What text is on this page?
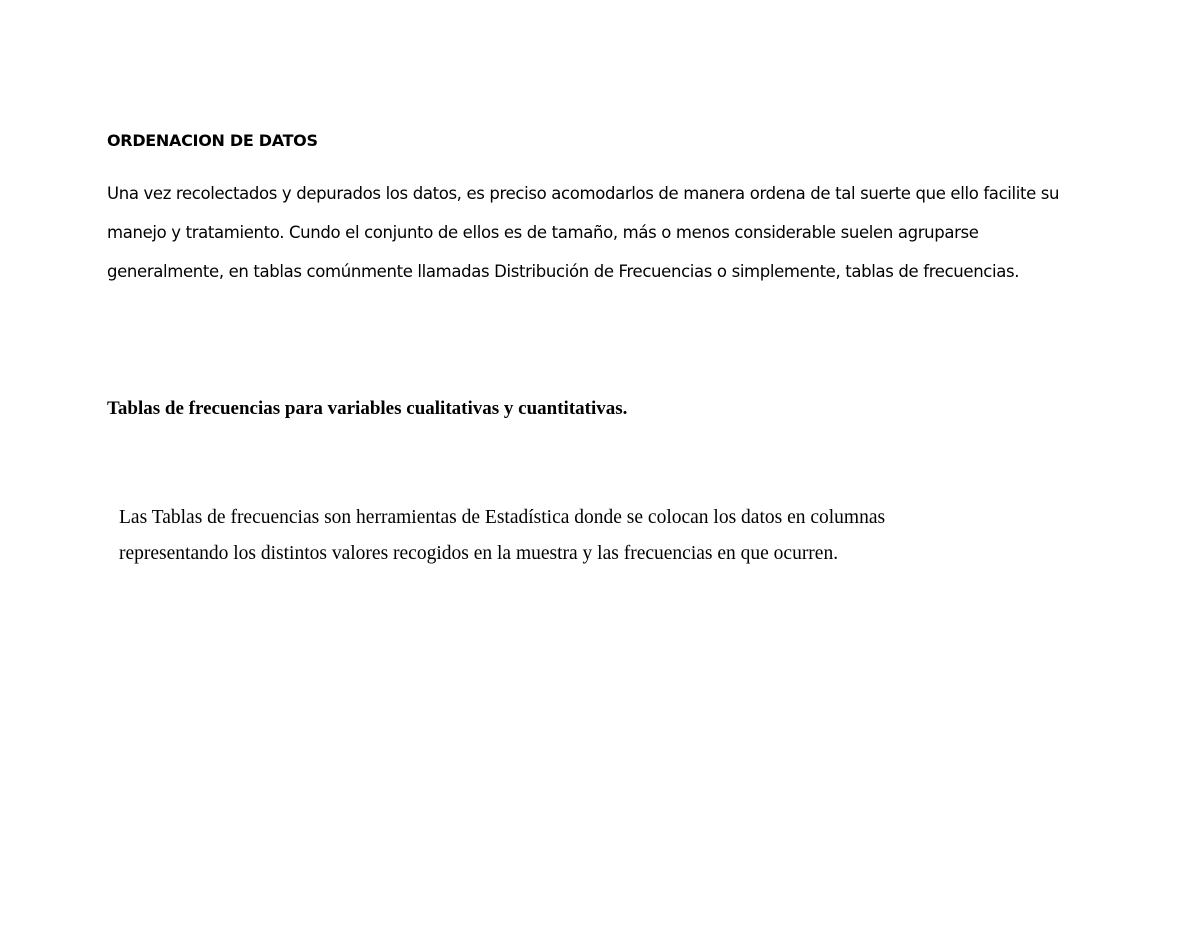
ORDENACION DE DATOS

Una vez recolectados y depurados los datos, es preciso acomodarlos de manera ordena de tal suerte que ello facilite su manejo y tratamiento. Cundo el conjunto de ellos es de tamaño, más o menos considerable suelen agruparse generalmente, en tablas comúnmente llamadas Distribución de Frecuencias o simplemente, tablas de frecuencias.

Tablas de frecuencias para variables cualitativas y cuantitativas.

Las Tablas de frecuencias son herramientas de Estadística donde se colocan los datos en columnas representando los distintos valores recogidos en la muestra y las frecuencias en que ocurren.
